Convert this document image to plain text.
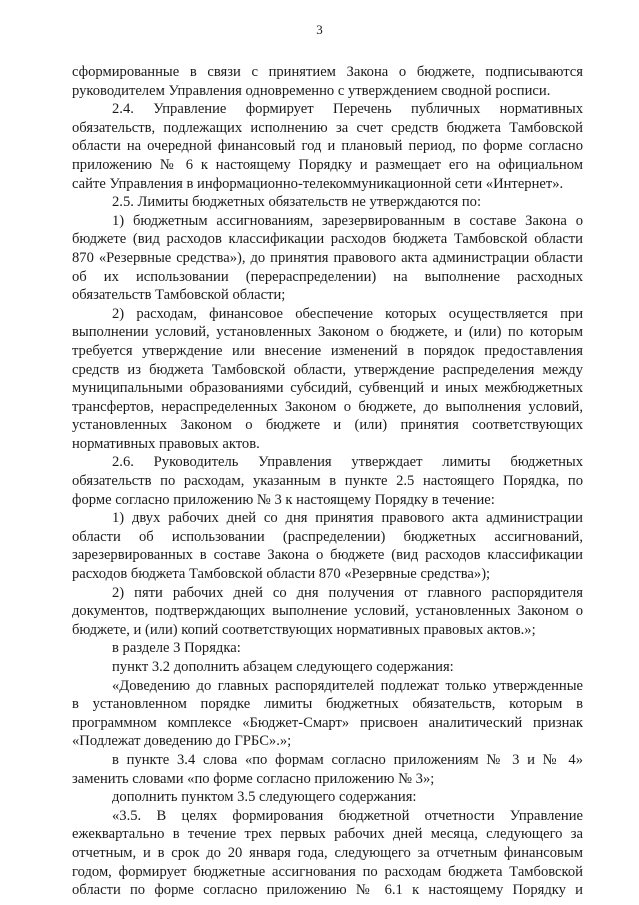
3

сформированные в связи с принятием Закона о бюджете, подписываются

руководителем Управления одновременно с утверждением сводной росписи.

2.4. Управление формирует Перечень публичных нормативных

обязательств, подлежащих исполнению за счет средств бюджета Тамбовской

области на очередной финансовый год и плановый период, по форме согласно

приложению № 6 к настоящему Порядку и размещает его на официальном

сайте Управления в информационно-телекоммуникационной сети «Интернет».

2.5. Лимиты бюджетных обязательств не утверждаются по:

1) бюджетным ассигнованиям, зарезервированным в составе Закона о

бюджете (вид расходов классификации расходов бюджета Тамбовской области

870 «Резервные средства»), до принятия правового акта администрации области

об их использовании (перераспределении) на выполнение расходных

обязательств Тамбовской области;

2) расходам, финансовое обеспечение которых осуществляется при

выполнении условий, установленных Законом о бюджете, и (или) по которым

требуется утверждение или внесение изменений в порядок предоставления

средств из бюджета Тамбовской области, утверждение распределения между

муниципальными образованиями субсидий, субвенций и иных межбюджетных

трансфертов, нераспределенных Законом о бюджете, до выполнения условий,

установленных Законом о бюджете и (или) принятия соответствующих

нормативных правовых актов.

2.6. Руководитель Управления утверждает лимиты бюджетных

обязательств по расходам, указанным в пункте 2.5 настоящего Порядка, по

форме согласно приложению № 3 к настоящему Порядку в течение:

1) двух рабочих дней со дня принятия правового акта администрации

области об использовании (распределении) бюджетных ассигнований,

зарезервированных в составе Закона о бюджете (вид расходов классификации

расходов бюджета Тамбовской области 870 «Резервные средства»);

2) пяти рабочих дней со дня получения от главного распорядителя

документов, подтверждающих выполнение условий, установленных Законом о

бюджете, и (или) копий соответствующих нормативных правовых актов.»;

в разделе 3 Порядка:

пункт 3.2 дополнить абзацем следующего содержания:

«Доведению до главных распорядителей подлежат только утвержденные

в установленном порядке лимиты бюджетных обязательств, которым в

программном комплексе «Бюджет-Смарт» присвоен аналитический признак

«Подлежат доведению до ГРБС».»;

в пункте 3.4 слова «по формам согласно приложениям № 3 и № 4»

заменить словами «по форме согласно приложению № 3»;

дополнить пунктом 3.5 следующего содержания:

«3.5. В целях формирования бюджетной отчетности Управление

ежеквартально в течение трех первых рабочих дней месяца, следующего за

отчетным, и в срок до 20 января года, следующего за отчетным финансовым

годом, формирует бюджетные ассигнования по расходам бюджета Тамбовской

области по форме согласно приложению № 6.1 к настоящему Порядку и
